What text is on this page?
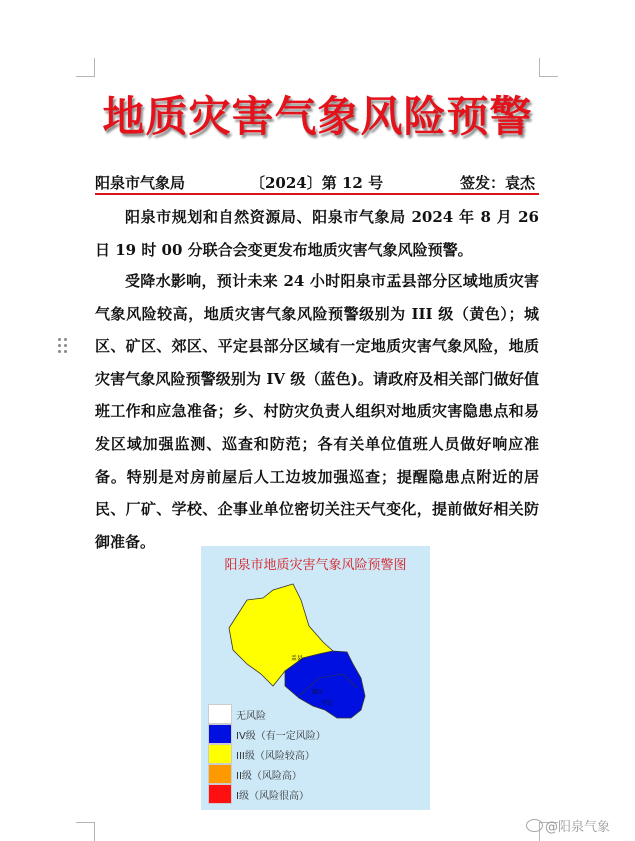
地质灾害气象风险预警
阳泉市气象局	〔2024〕第 12 号	签发：袁杰

阳泉市规划和自然资源局、阳泉市气象局 2024 年 8 月 26 日 19 时 00 分联合会变更发布地质灾害气象风险预警。

受降水影响，预计未来 24 小时阳泉市盂县部分区域地质灾害气象风险较高，地质灾害气象风险预警级别为 III 级（黄色）；城区、矿区、郊区、平定县部分区域有一定地质灾害气象风险，地质灾害气象风险预警级别为 IV 级（蓝色)。请政府及相关部门做好值班工作和应急准备；乡、村防灾负责人组织对地质灾害隐患点和易发区域加强监测、巡查和防范；各有关单位值班人员做好响应准备。特别是对房前屋后人工边坡加强巡查；提醒隐患点附近的居民、厂矿、学校、企事业单位密切关注天气变化，提前做好相关防御准备。

阳泉市地质灾害气象风险预警图
盂县
郊区
平定
无风险
IV级（有一定风险）
III级（风险较高）
II级（风险高）
I级（风险很高）
@阳泉气象
